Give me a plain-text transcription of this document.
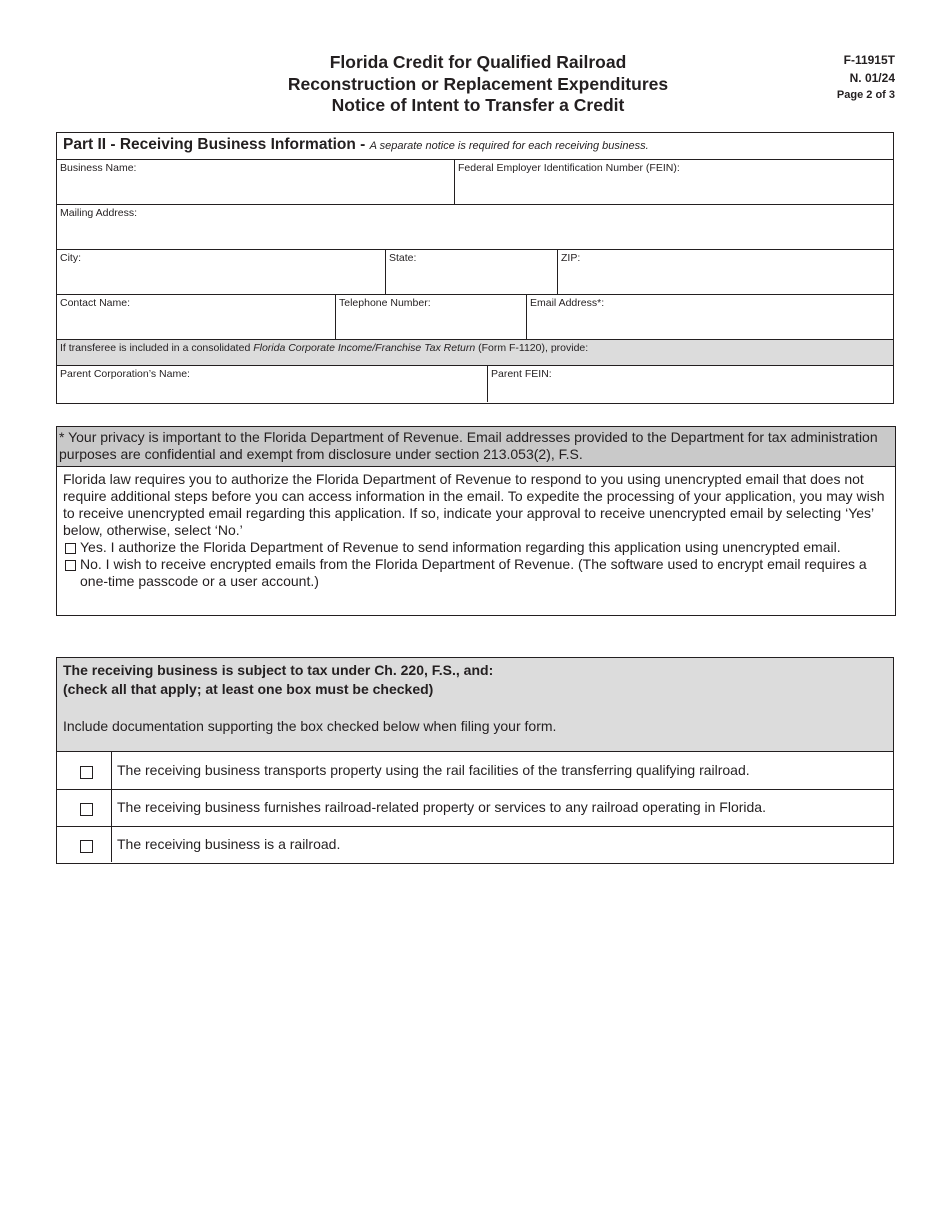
Florida Credit for Qualified Railroad
Reconstruction or Replacement Expenditures
Notice of Intent to Transfer a Credit
F-11915T
N. 01/24
Page 2 of 3
Part II - Receiving Business Information - A separate notice is required for each receiving business.
Business Name:	Federal Employer Identification Number (FEIN):
Mailing Address:
City:	State:	ZIP:
Contact Name:	Telephone Number:	Email Address*:
If transferee is included in a consolidated Florida Corporate Income/Franchise Tax Return (Form F-1120), provide:
Parent Corporation’s Name:	Parent FEIN:
* Your privacy is important to the Florida Department of Revenue. Email addresses provided to the Department for tax administration purposes are confidential and exempt from disclosure under section 213.053(2), F.S.
Florida law requires you to authorize the Florida Department of Revenue to respond to you using unencrypted email that does not require additional steps before you can access information in the email. To expedite the processing of your application, you may wish to receive unencrypted email regarding this application. If so, indicate your approval to receive unencrypted email by selecting ‘Yes’ below, otherwise, select ‘No.’
Yes. I authorize the Florida Department of Revenue to send information regarding this application using unencrypted email.
No. I wish to receive encrypted emails from the Florida Department of Revenue. (The software used to encrypt email requires a one-time passcode or a user account.)
The receiving business is subject to tax under Ch. 220, F.S., and:
(check all that apply; at least one box must be checked)
Include documentation supporting the box checked below when filing your form.
The receiving business transports property using the rail facilities of the transferring qualifying railroad.
The receiving business furnishes railroad-related property or services to any railroad operating in Florida.
The receiving business is a railroad.
